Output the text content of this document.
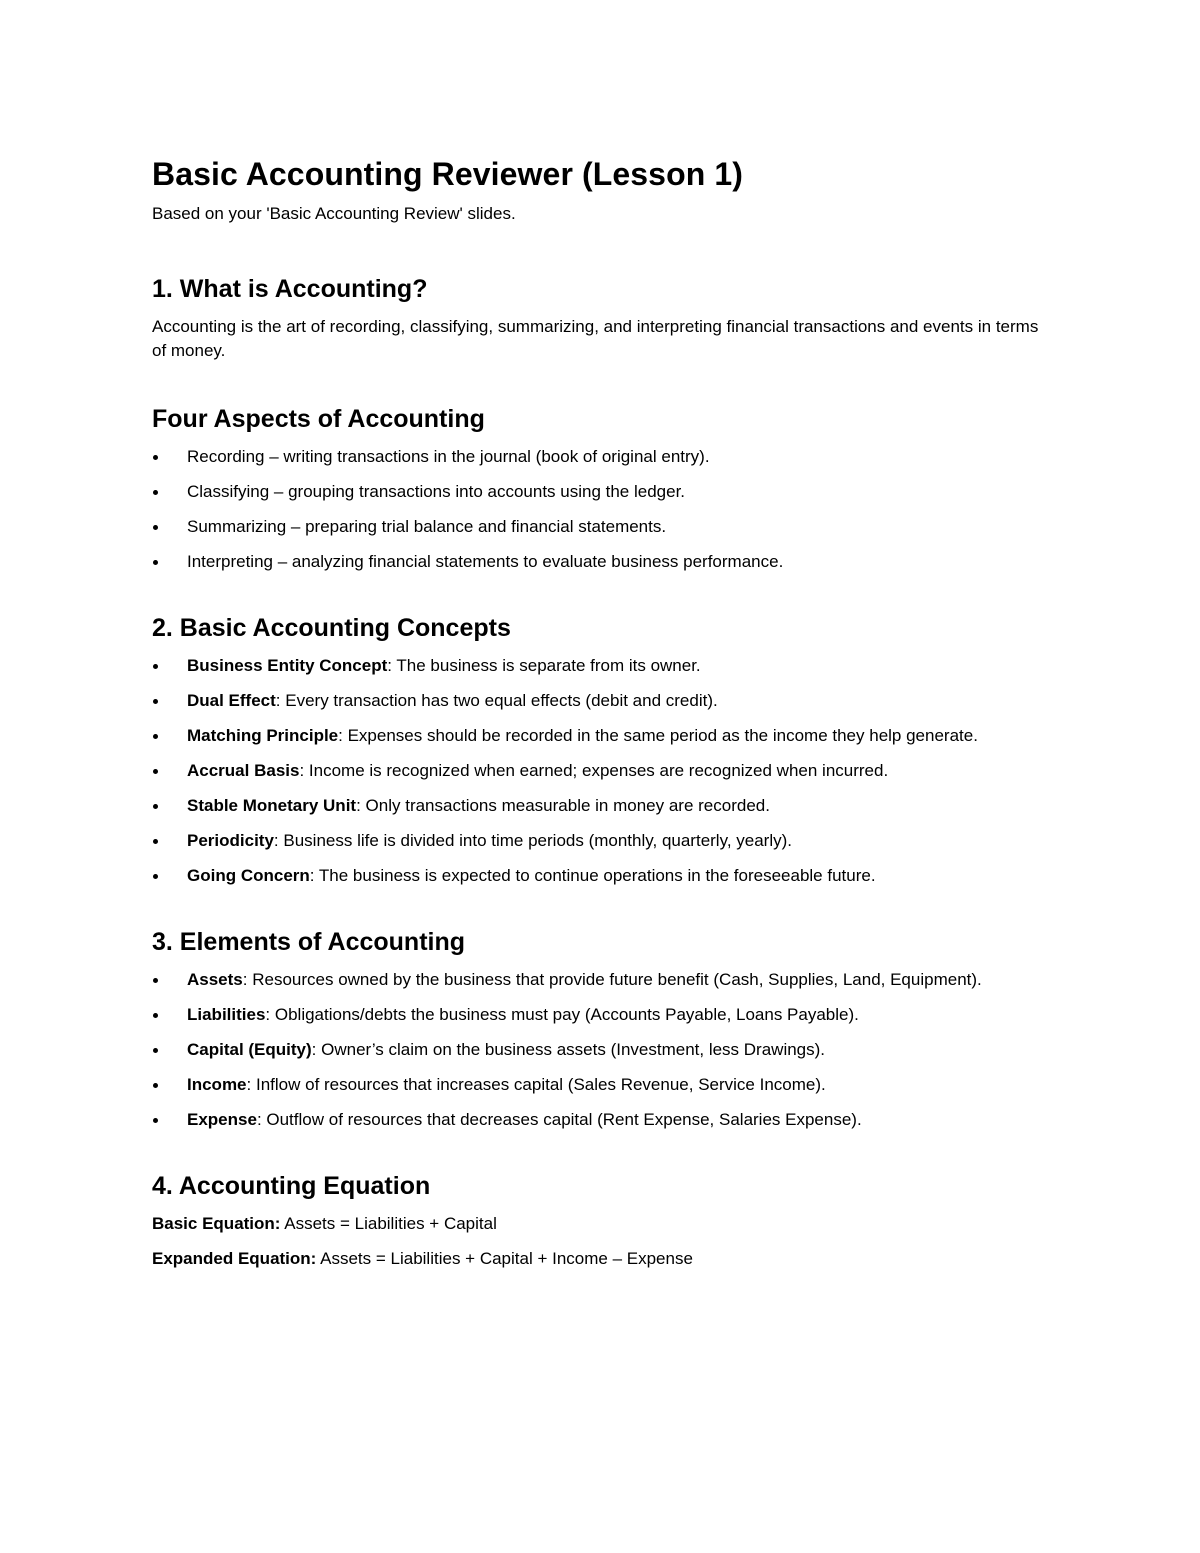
Basic Accounting Reviewer (Lesson 1)

Based on your 'Basic Accounting Review' slides.

1. What is Accounting?

Accounting is the art of recording, classifying, summarizing, and interpreting financial transactions and events in terms of money.

Four Aspects of Accounting
Recording – writing transactions in the journal (book of original entry).
Classifying – grouping transactions into accounts using the ledger.
Summarizing – preparing trial balance and financial statements.
Interpreting – analyzing financial statements to evaluate business performance.
2. Basic Accounting Concepts
Business Entity Concept: The business is separate from its owner.
Dual Effect: Every transaction has two equal effects (debit and credit).
Matching Principle: Expenses should be recorded in the same period as the income they help generate.
Accrual Basis: Income is recognized when earned; expenses are recognized when incurred.
Stable Monetary Unit: Only transactions measurable in money are recorded.
Periodicity: Business life is divided into time periods (monthly, quarterly, yearly).
Going Concern: The business is expected to continue operations in the foreseeable future.
3. Elements of Accounting
Assets: Resources owned by the business that provide future benefit (Cash, Supplies, Land, Equipment).
Liabilities: Obligations/debts the business must pay (Accounts Payable, Loans Payable).
Capital (Equity): Owner’s claim on the business assets (Investment, less Drawings).
Income: Inflow of resources that increases capital (Sales Revenue, Service Income).
Expense: Outflow of resources that decreases capital (Rent Expense, Salaries Expense).
4. Accounting Equation

Basic Equation: Assets = Liabilities + Capital

Expanded Equation: Assets = Liabilities + Capital + Income – Expense
